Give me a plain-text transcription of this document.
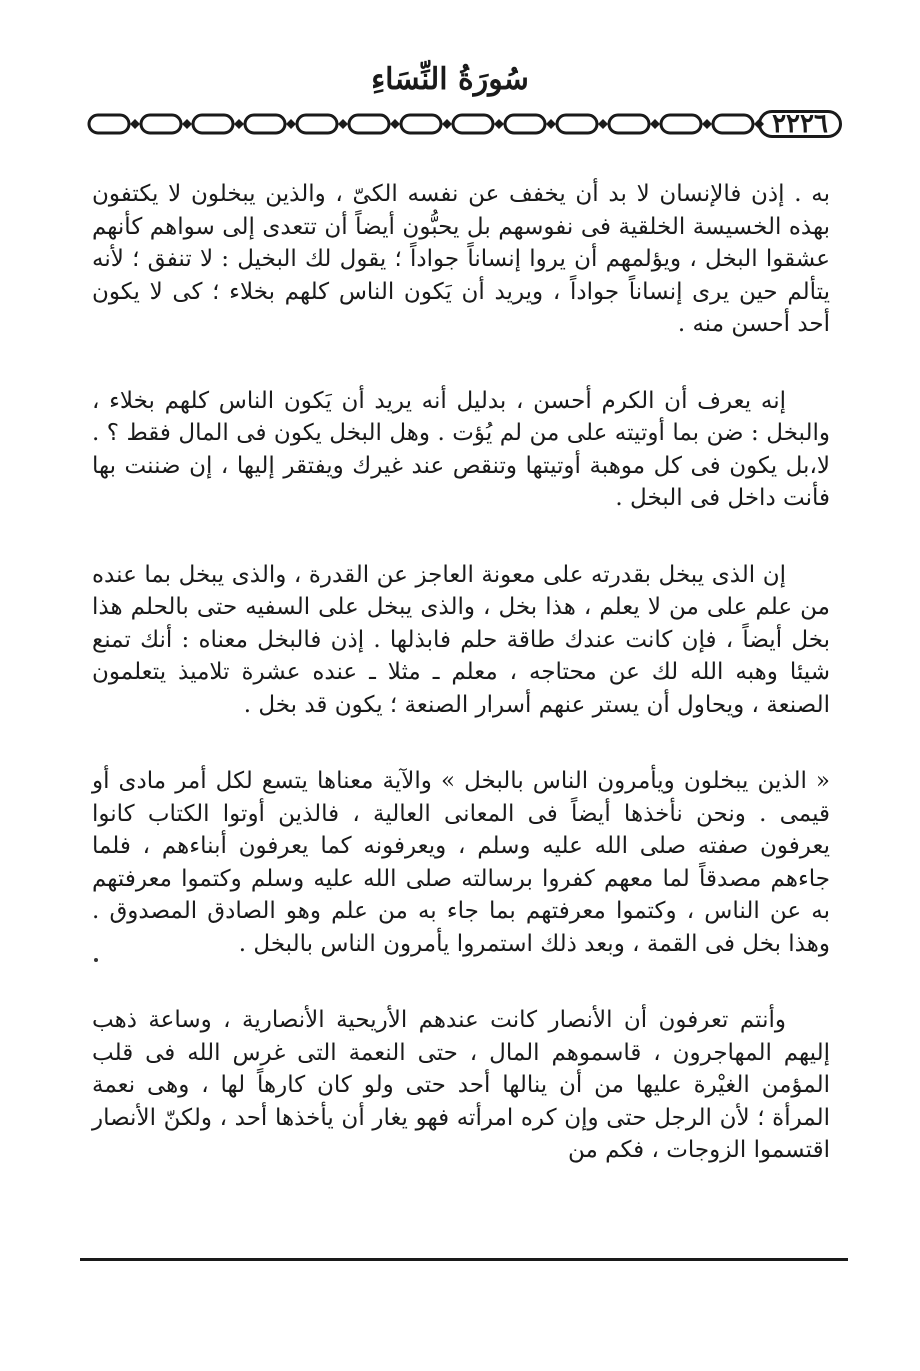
سُورَةُ النِّسَاءِ
٢٢٢٦

به . إذن فالإنسان لا بد أن يخفف عن نفسه الكىّ ، والذين يبخلون لا يكتفون بهذه الخسيسة الخلقية فى نفوسهم بل يحبُّون أيضاً أن تتعدى إلى سواهم كأنهم عشقوا البخل ، ويؤلمهم أن يروا إنساناً جواداً ؛ يقول لك البخيل : لا تنفق ؛ لأنه يتألم حين يرى إنساناً جواداً ، ويريد أن يَكون الناس كلهم بخلاء ؛ كى لا يكون أحد أحسن منه .

إنه يعرف أن الكرم أحسن ، بدليل أنه يريد أن يَكون الناس كلهم بخلاء ، والبخل : ضن بما أوتيته على من لم يُؤت . وهل البخل يكون فى المال فقط ؟ . لا،بل يكون فى كل موهبة أوتيتها وتنقص عند غيرك ويفتقر إليها ، إن ضننت بها فأنت داخل فى البخل .

إن الذى يبخل بقدرته على معونة العاجز عن القدرة ، والذى يبخل بما عنده من علم على من لا يعلم ، هذا بخل ، والذى يبخل على السفيه حتى بالحلم هذا بخل أيضاً ، فإن كانت عندك طاقة حلم فابذلها . إذن فالبخل معناه : أنك تمنع شيئا وهبه الله لك عن محتاجه ، معلم ـ مثلا ـ عنده عشرة تلاميذ يتعلمون الصنعة ، ويحاول أن يستر عنهم أسرار الصنعة ؛ يكون قد بخل .

« الذين يبخلون ويأمرون الناس بالبخل » والآية معناها يتسع لكل أمر مادى أو قيمى . ونحن نأخذها أيضاً فى المعانى العالية ، فالذين أوتوا الكتاب كانوا يعرفون صفته صلى الله عليه وسلم ، ويعرفونه كما يعرفون أبناءهم ، فلما جاءهم مصدقاً لما معهم كفروا برسالته صلى الله عليه وسلم وكتموا معرفتهم به عن الناس ، وكتموا معرفتهم بما جاء به من علم وهو الصادق المصدوق . وهذا بخل فى القمة ، وبعد ذلك استمروا يأمرون الناس بالبخل .

وأنتم تعرفون أن الأنصار كانت عندهم الأريحية الأنصارية ، وساعة ذهب إليهم المهاجرون ، قاسموهم المال ، حتى النعمة التى غرس الله فى قلب المؤمن الغيْرة عليها من أن ينالها أحد حتى ولو كان كارهاً لها ، وهى نعمة المرأة ؛ لأن الرجل حتى وإن كره امرأته فهو يغار أن يأخذها أحد ، ولكنّ الأنصار اقتسموا الزوجات ، فكم من
